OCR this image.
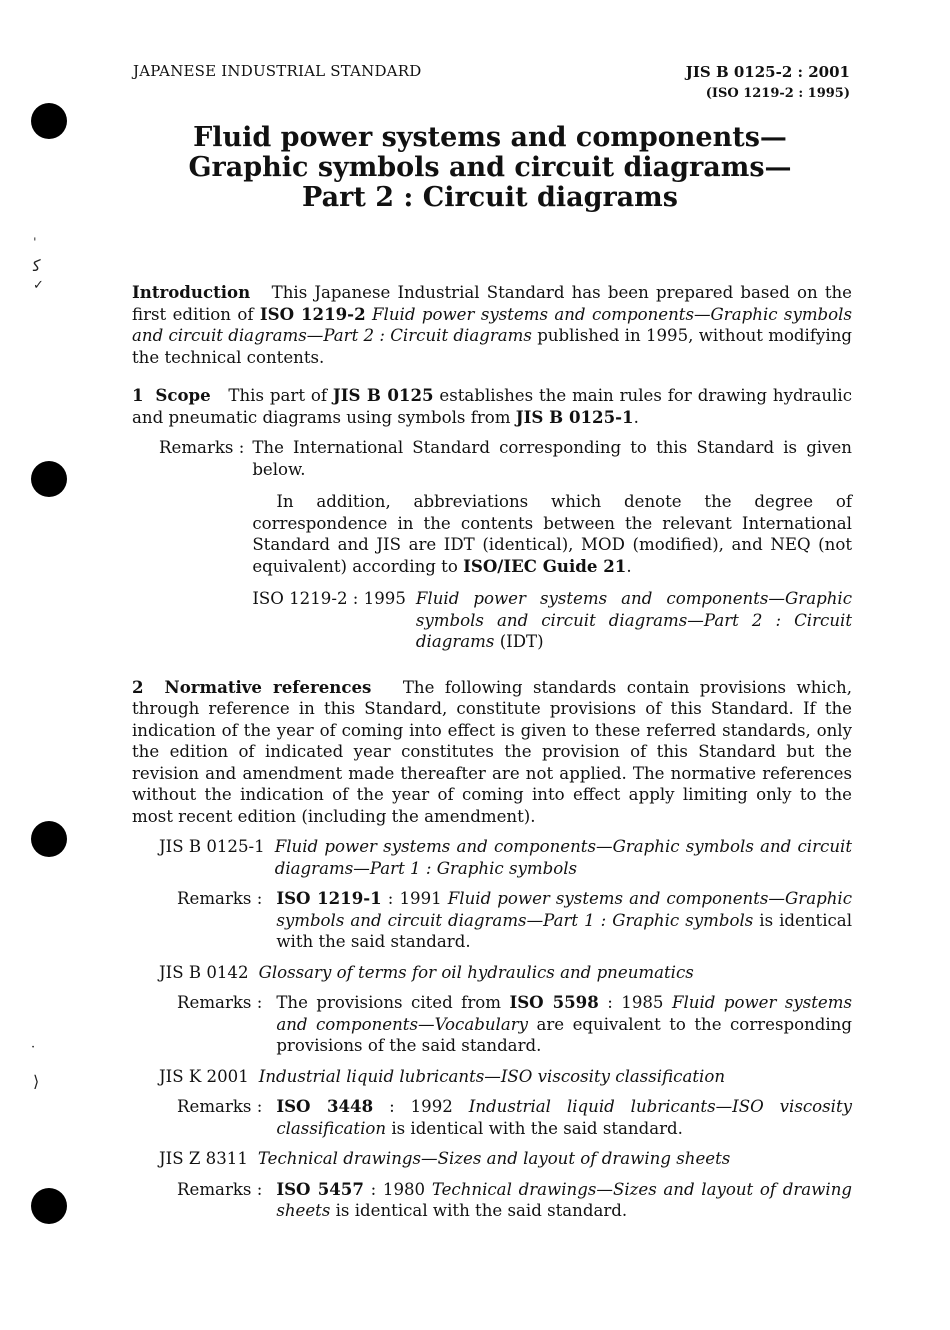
ˌ
ﮐ
✓
·
⟩
JAPANESE INDUSTRIAL STANDARD	JIS B 0125-2 : 2001
(ISO 1219-2 : 1995)
Fluid power systems and components—
Graphic symbols and circuit diagrams—
Part 2 : Circuit diagrams

Introduction This Japanese Industrial Standard has been prepared based on the first edition of ISO 1219-2 Fluid power systems and components—Graphic symbols and circuit diagrams—Part 2 : Circuit diagrams published in 1995, without modifying the technical contents.

1 Scope This part of JIS B 0125 establishes the main rules for drawing hydraulic and pneumatic diagrams using symbols from JIS B 0125-1.

Remarks : The International Standard corresponding to this Standard is given below.

In addition, abbreviations which denote the degree of correspondence in the contents between the relevant International Standard and JIS are IDT (identical), MOD (modified), and NEQ (not equivalent) according to ISO/IEC Guide 21.

ISO 1219-2 : 1995 Fluid power systems and components—Graphic symbols and circuit diagrams—Part 2 : Circuit diagrams (IDT)

2 Normative references The following standards contain provisions which, through reference in this Standard, constitute provisions of this Standard. If the indication of the year of coming into effect is given to these referred standards, only the edition of indicated year constitutes the provision of this Standard but the revision and amendment made thereafter are not applied. The normative references without the indication of the year of coming into effect apply limiting only to the most recent edition (including the amendment).

JIS B 0125-1 Fluid power systems and components—Graphic symbols and circuit diagrams—Part 1 : Graphic symbols
Remarks : ISO 1219-1 : 1991 Fluid power systems and components—Graphic symbols and circuit diagrams—Part 1 : Graphic symbols is identical with the said standard.
JIS B 0142 Glossary of terms for oil hydraulics and pneumatics
Remarks : The provisions cited from ISO 5598 : 1985 Fluid power systems and components—Vocabulary are equivalent to the corresponding provisions of the said standard.
JIS K 2001 Industrial liquid lubricants—ISO viscosity classification
Remarks : ISO 3448 : 1992 Industrial liquid lubricants—ISO viscosity classification is identical with the said standard.
JIS Z 8311 Technical drawings—Sizes and layout of drawing sheets
Remarks : ISO 5457 : 1980 Technical drawings—Sizes and layout of drawing sheets is identical with the said standard.
